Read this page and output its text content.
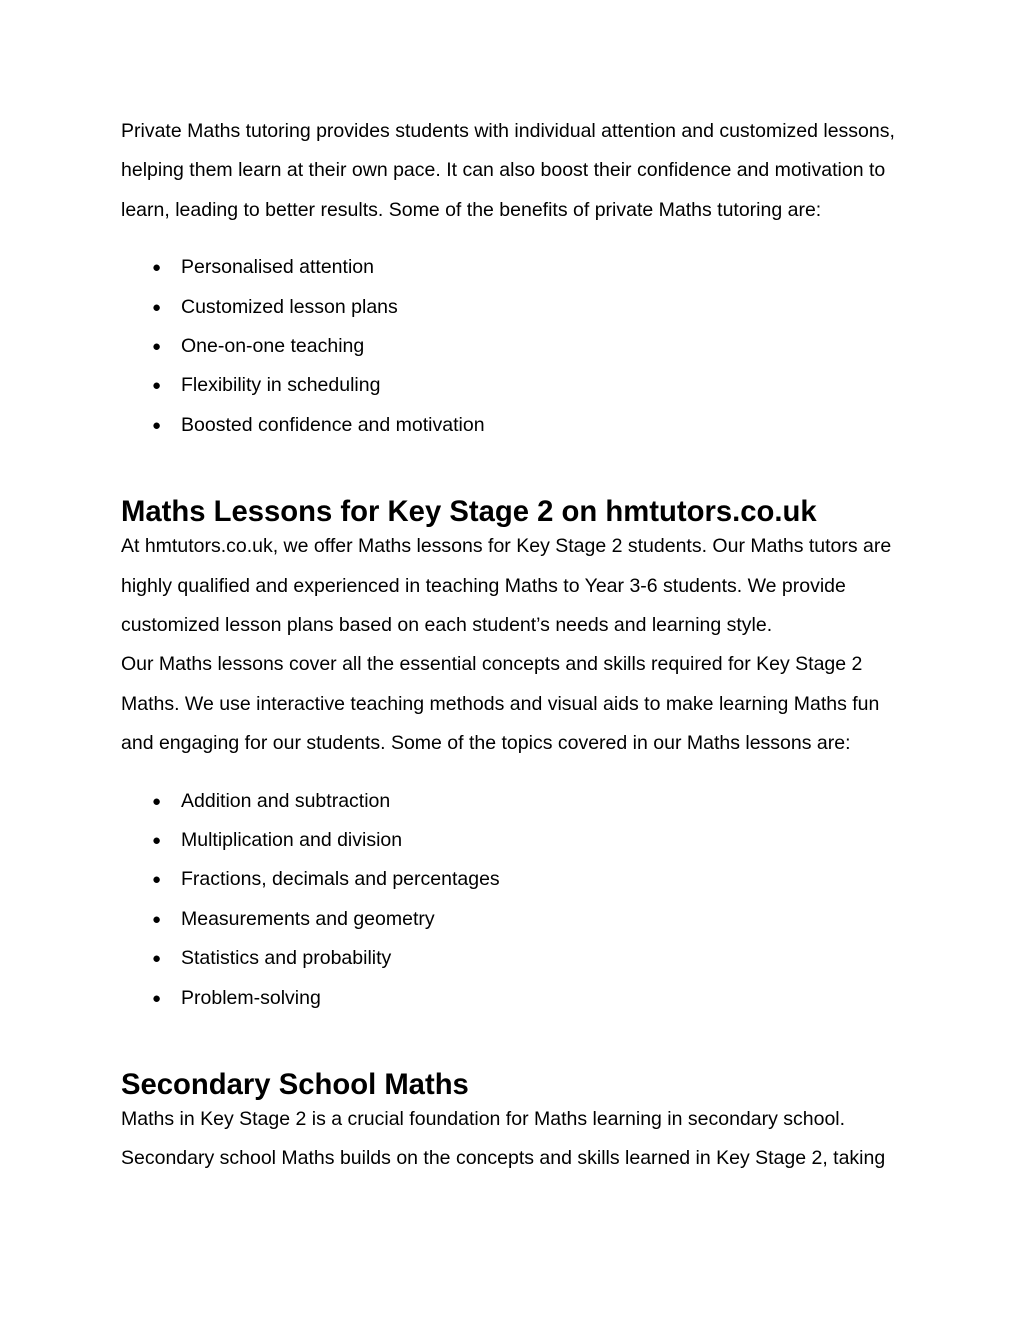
Private Maths tutoring provides students with individual attention and customized lessons, helping them learn at their own pace. It can also boost their confidence and motivation to learn, leading to better results. Some of the benefits of private Maths tutoring are:

● Personalised attention
● Customized lesson plans
● One-on-one teaching
● Flexibility in scheduling
● Boosted confidence and motivation
Maths Lessons for Key Stage 2 on hmtutors.co.uk

At hmtutors.co.uk, we offer Maths lessons for Key Stage 2 students. Our Maths tutors are highly qualified and experienced in teaching Maths to Year 3-6 students. We provide customized lesson plans based on each student’s needs and learning style.

Our Maths lessons cover all the essential concepts and skills required for Key Stage 2 Maths. We use interactive teaching methods and visual aids to make learning Maths fun and engaging for our students. Some of the topics covered in our Maths lessons are:

● Addition and subtraction
● Multiplication and division
● Fractions, decimals and percentages
● Measurements and geometry
● Statistics and probability
● Problem-solving
Secondary School Maths

Maths in Key Stage 2 is a crucial foundation for Maths learning in secondary school. Secondary school Maths builds on the concepts and skills learned in Key Stage 2, taking
